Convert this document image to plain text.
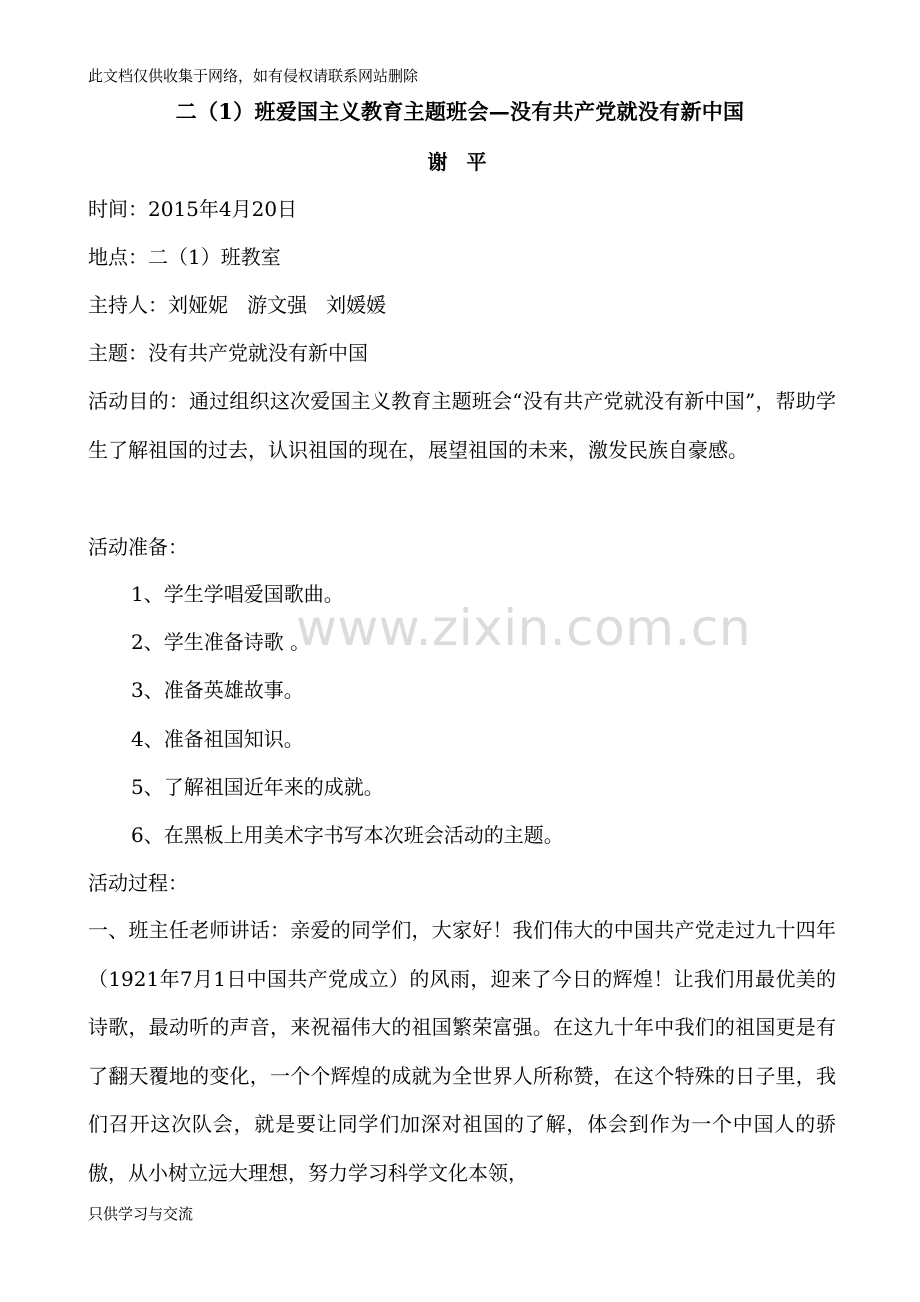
此文档仅供收集于网络，如有侵权请联系网站删除
二（1）班爱国主义教育主题班会—没有共产党就没有新中国
谢 平
时间：2015年4月20日
地点：二（1）班教室
主持人：刘娅妮   游文强   刘媛媛
主题：没有共产党就没有新中国
活动目的：通过组织这次爱国主义教育主题班会“没有共产党就没有新中国”，帮助学生了解祖国的过去，认识祖国的现在，展望祖国的未来，激发民族自豪感。
活动准备：
1、学生学唱爱国歌曲。
2、学生准备诗歌 。
3、准备英雄故事。
4、准备祖国知识。
5、了解祖国近年来的成就。
6、在黑板上用美术字书写本次班会活动的主题。
活动过程：
一、班主任老师讲话：亲爱的同学们，大家好！我们伟大的中国共产党走过九十四年（1921年7月1日中国共产党成立）的风雨，迎来了今日的辉煌！让我们用最优美的诗歌，最动听的声音，来祝福伟大的祖国繁荣富强。在这九十年中我们的祖国更是有了翻天覆地的变化，一个个辉煌的成就为全世界人所称赞，在这个特殊的日子里，我们召开这次队会，就是要让同学们加深对祖国的了解，体会到作为一个中国人的骄傲，从小树立远大理想，努力学习科学文化本领，
www.zixin.com.cn
只供学习与交流
